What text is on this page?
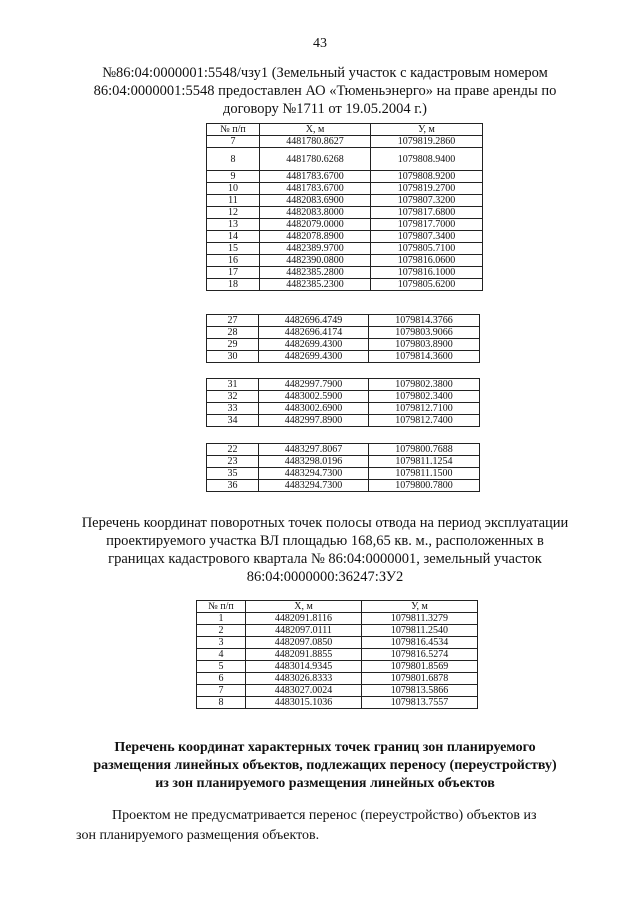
43
№86:04:0000001:5548/чзу1 (Земельный участок с кадастровым номером
86:04:0000001:5548 предоставлен АО «Тюменьэнерго» на праве аренды по
договору №1711 от 19.05.2004 г.)
№ п/п	Х, м	У, м
7	4481780.8627	1079819.2860
8	4481780.6268	1079808.9400
9	4481783.6700	1079808.9200
10	4481783.6700	1079819.2700
11	4482083.6900	1079807.3200
12	4482083.8000	1079817.6800
13	4482079.0000	1079817.7000
14	4482078.8900	1079807.3400
15	4482389.9700	1079805.7100
16	4482390.0800	1079816.0600
17	4482385.2800	1079816.1000
18	4482385.2300	1079805.6200
27	4482696.4749	1079814.3766
28	4482696.4174	1079803.9066
29	4482699.4300	1079803.8900
30	4482699.4300	1079814.3600
31	4482997.7900	1079802.3800
32	4483002.5900	1079802.3400
33	4483002.6900	1079812.7100
34	4482997.8900	1079812.7400
22	4483297.8067	1079800.7688
23	4483298.0196	1079811.1254
35	4483294.7300	1079811.1500
36	4483294.7300	1079800.7800
Перечень координат поворотных точек полосы отвода на период эксплуатации
проектируемого участка ВЛ площадью 168,65 кв. м., расположенных в
границах кадастрового квартала № 86:04:0000001, земельный участок
86:04:0000000:36247:ЗУ2
№ п/п	Х, м	У, м
1	4482091.8116	1079811.3279
2	4482097.0111	1079811.2540
3	4482097.0850	1079816.4534
4	4482091.8855	1079816.5274
5	4483014.9345	1079801.8569
6	4483026.8333	1079801.6878
7	4483027.0024	1079813.5866
8	4483015.1036	1079813.7557
Перечень координат характерных точек границ зон планируемого
размещения линейных объектов, подлежащих переносу (переустройству)
из зон планируемого размещения линейных объектов
Проектом не предусматривается перенос (переустройство) объектов из
зон планируемого размещения объектов.
